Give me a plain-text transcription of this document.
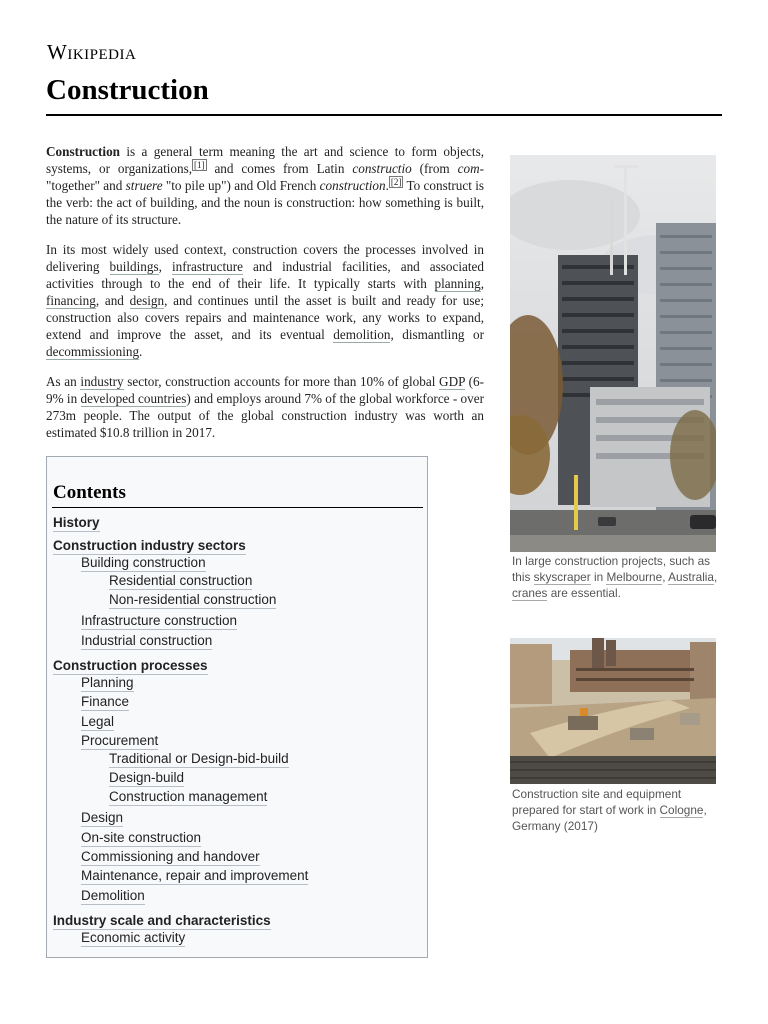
Wikipedia
Construction

Construction is a general term meaning the art and science to form objects, systems, or organizations, [1] and comes from Latin constructio (from com- "together" and struere "to pile up") and Old French construction. [2] To construct is the verb: the act of building, and the noun is construction: how something is built, the nature of its structure.

In its most widely used context, construction covers the processes involved in delivering buildings, infrastructure and industrial facilities, and associated activities through to the end of their life. It typically starts with planning, financing, and design, and continues until the asset is built and ready for use; construction also covers repairs and maintenance work, any works to expand, extend and improve the asset, and its eventual demolition, dismantling or decommissioning.

As an industry sector, construction accounts for more than 10% of global GDP (6-9% in developed countries) and employs around 7% of the global workforce - over 273m people. The output of the global construction industry was worth an estimated $10.8 trillion in 2017.

Contents
History
Construction industry sectors
Building construction
Residential construction
Non-residential construction
Infrastructure construction
Industrial construction
Construction processes
Planning
Finance
Legal
Procurement
Traditional or Design-bid-build
Design-build
Construction management
Design
On-site construction
Commissioning and handover
Maintenance, repair and improvement
Demolition
Industry scale and characteristics
Economic activity
In large construction projects, such as this skyscraper in Melbourne, Australia, cranes are essential.
Construction site and equipment prepared for start of work in Cologne, Germany (2017)
